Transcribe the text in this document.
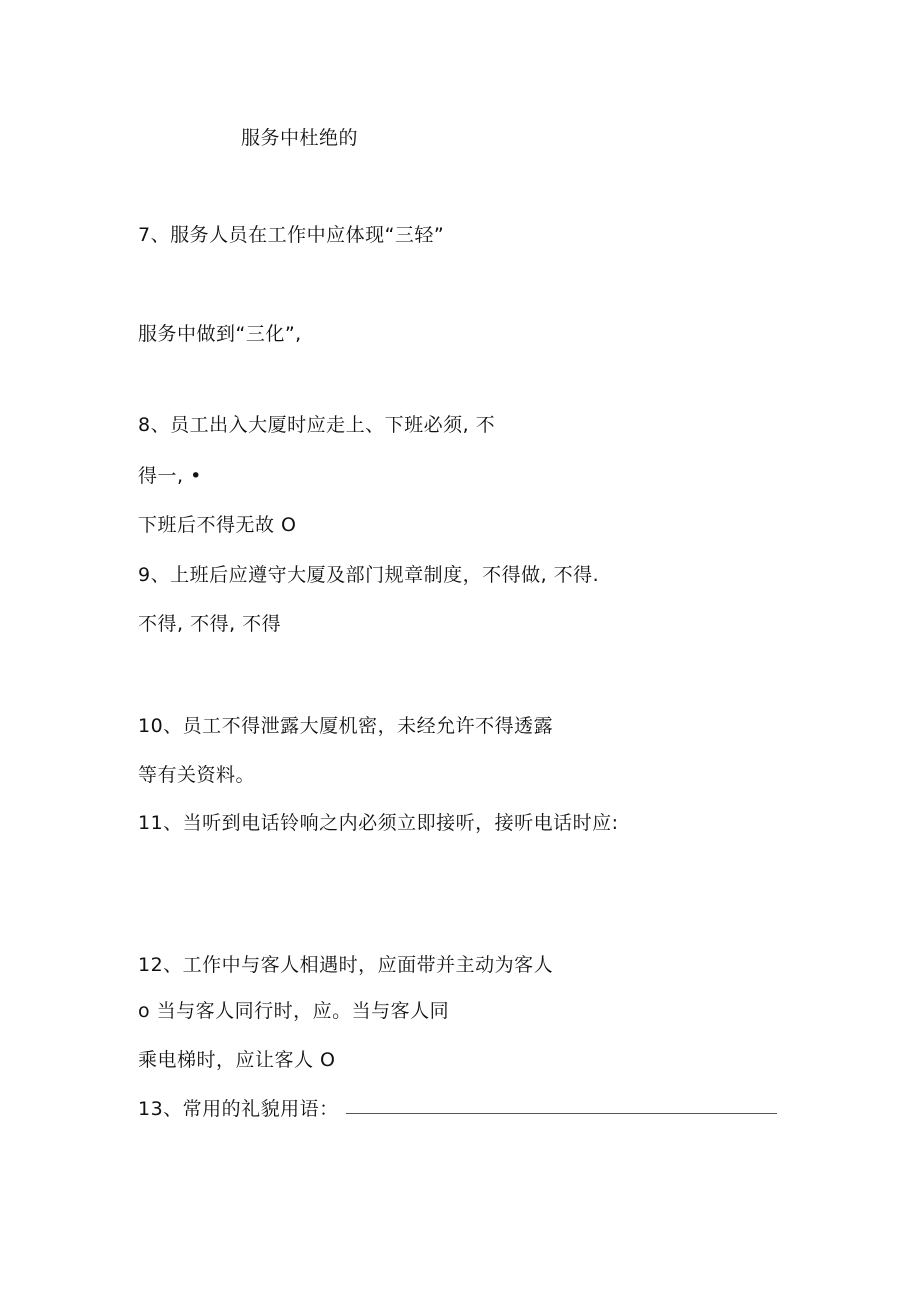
服务中杜绝的
7、服务人员在工作中应体现“三轻”
服务中做到“三化”,
8、员工出入大厦时应走上、下班必须, 不
得一, •
下班后不得无故 O
9、上班后应遵守大厦及部门规章制度，不得做, 不得.
不得, 不得, 不得
10、员工不得泄露大厦机密，未经允许不得透露
等有关资料。
11、当听到电话铃响之内必须立即接听，接听电话时应:
12、工作中与客人相遇时，应面带并主动为客人
o 当与客人同行时，应。当与客人同
乘电梯时，应让客人 O
13、常用的礼貌用语：
